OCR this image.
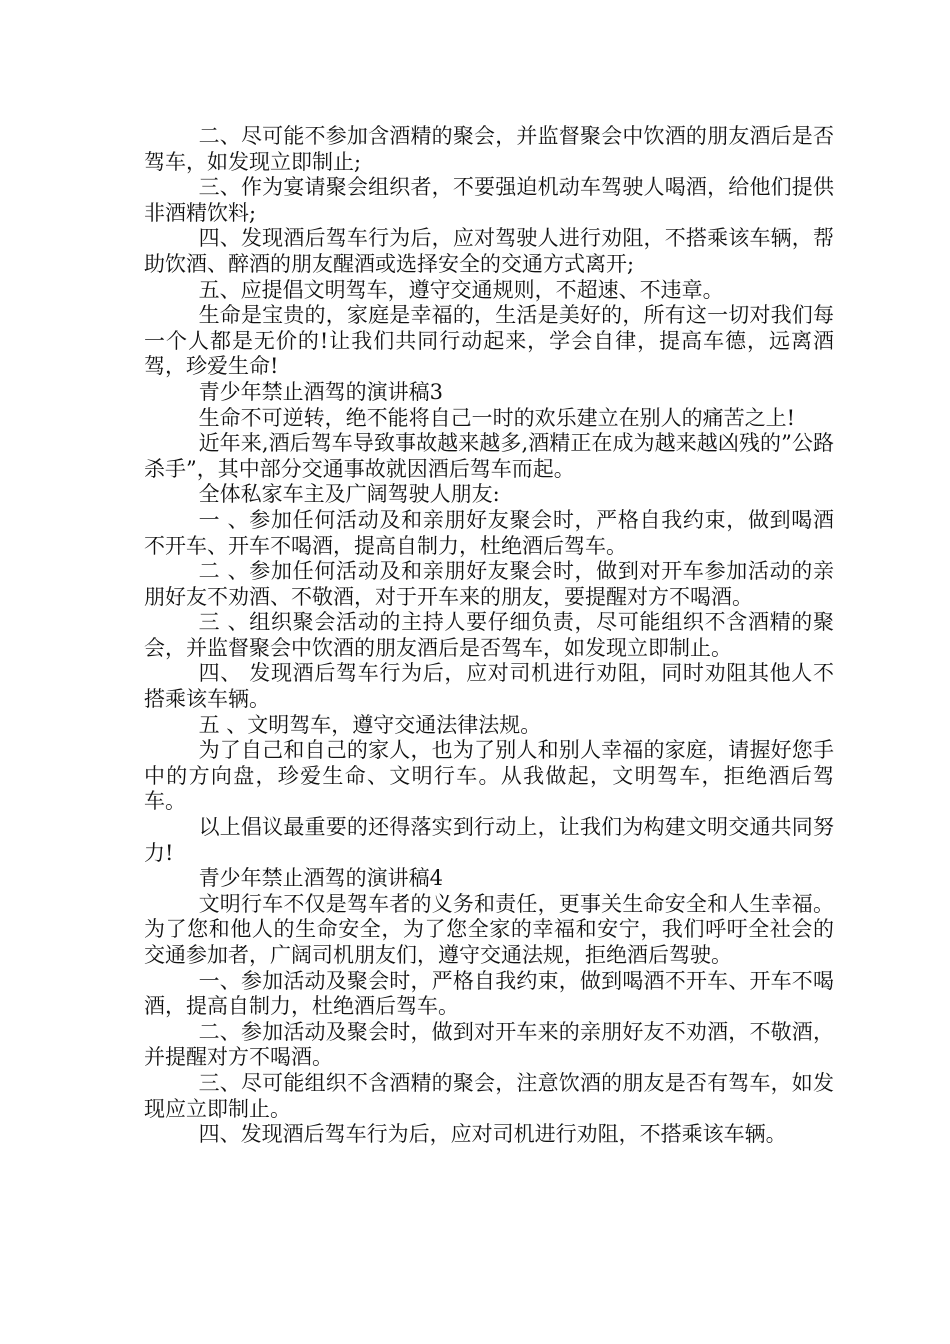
二、尽可能不参加含酒精的聚会，并监督聚会中饮酒的朋友酒后是否驾车，如发现立即制止;

三、作为宴请聚会组织者，不要强迫机动车驾驶人喝酒，给他们提供非酒精饮料;

四、发现酒后驾车行为后，应对驾驶人进行劝阻，不搭乘该车辆，帮助饮酒、醉酒的朋友醒酒或选择安全的交通方式离开;

五、应提倡文明驾车，遵守交通规则，不超速、不违章。

生命是宝贵的，家庭是幸福的，生活是美好的，所有这一切对我们每一个人都是无价的!让我们共同行动起来，学会自律，提高车德，远离酒驾，珍爱生命!

青少年禁止酒驾的演讲稿3

生命不可逆转，绝不能将自己一时的欢乐建立在别人的痛苦之上!

近年来,酒后驾车导致事故越来越多,酒精正在成为越来越凶残的”公路杀手”，其中部分交通事故就因酒后驾车而起。

全体私家车主及广阔驾驶人朋友:

一 、参加任何活动及和亲朋好友聚会时，严格自我约束，做到喝酒不开车、开车不喝酒，提高自制力，杜绝酒后驾车。

二 、参加任何活动及和亲朋好友聚会时，做到对开车参加活动的亲朋好友不劝酒、不敬酒，对于开车来的朋友，要提醒对方不喝酒。

三 、组织聚会活动的主持人要仔细负责，尽可能组织不含酒精的聚会，并监督聚会中饮酒的朋友酒后是否驾车，如发现立即制止。

四、 发现酒后驾车行为后，应对司机进行劝阻，同时劝阻其他人不搭乘该车辆。

五 、文明驾车，遵守交通法律法规。

为了自己和自己的家人，也为了别人和别人幸福的家庭，请握好您手中的方向盘，珍爱生命、文明行车。从我做起，文明驾车，拒绝酒后驾车。

以上倡议最重要的还得落实到行动上，让我们为构建文明交通共同努力!

青少年禁止酒驾的演讲稿4

文明行车不仅是驾车者的义务和责任，更事关生命安全和人生幸福。为了您和他人的生命安全，为了您全家的幸福和安宁，我们呼吁全社会的交通参加者，广阔司机朋友们，遵守交通法规，拒绝酒后驾驶。

一、参加活动及聚会时，严格自我约束，做到喝酒不开车、开车不喝酒，提高自制力，杜绝酒后驾车。

二、参加活动及聚会时，做到对开车来的亲朋好友不劝酒，不敬酒，并提醒对方不喝酒。

三、尽可能组织不含酒精的聚会，注意饮酒的朋友是否有驾车，如发现应立即制止。

四、发现酒后驾车行为后，应对司机进行劝阻，不搭乘该车辆。
